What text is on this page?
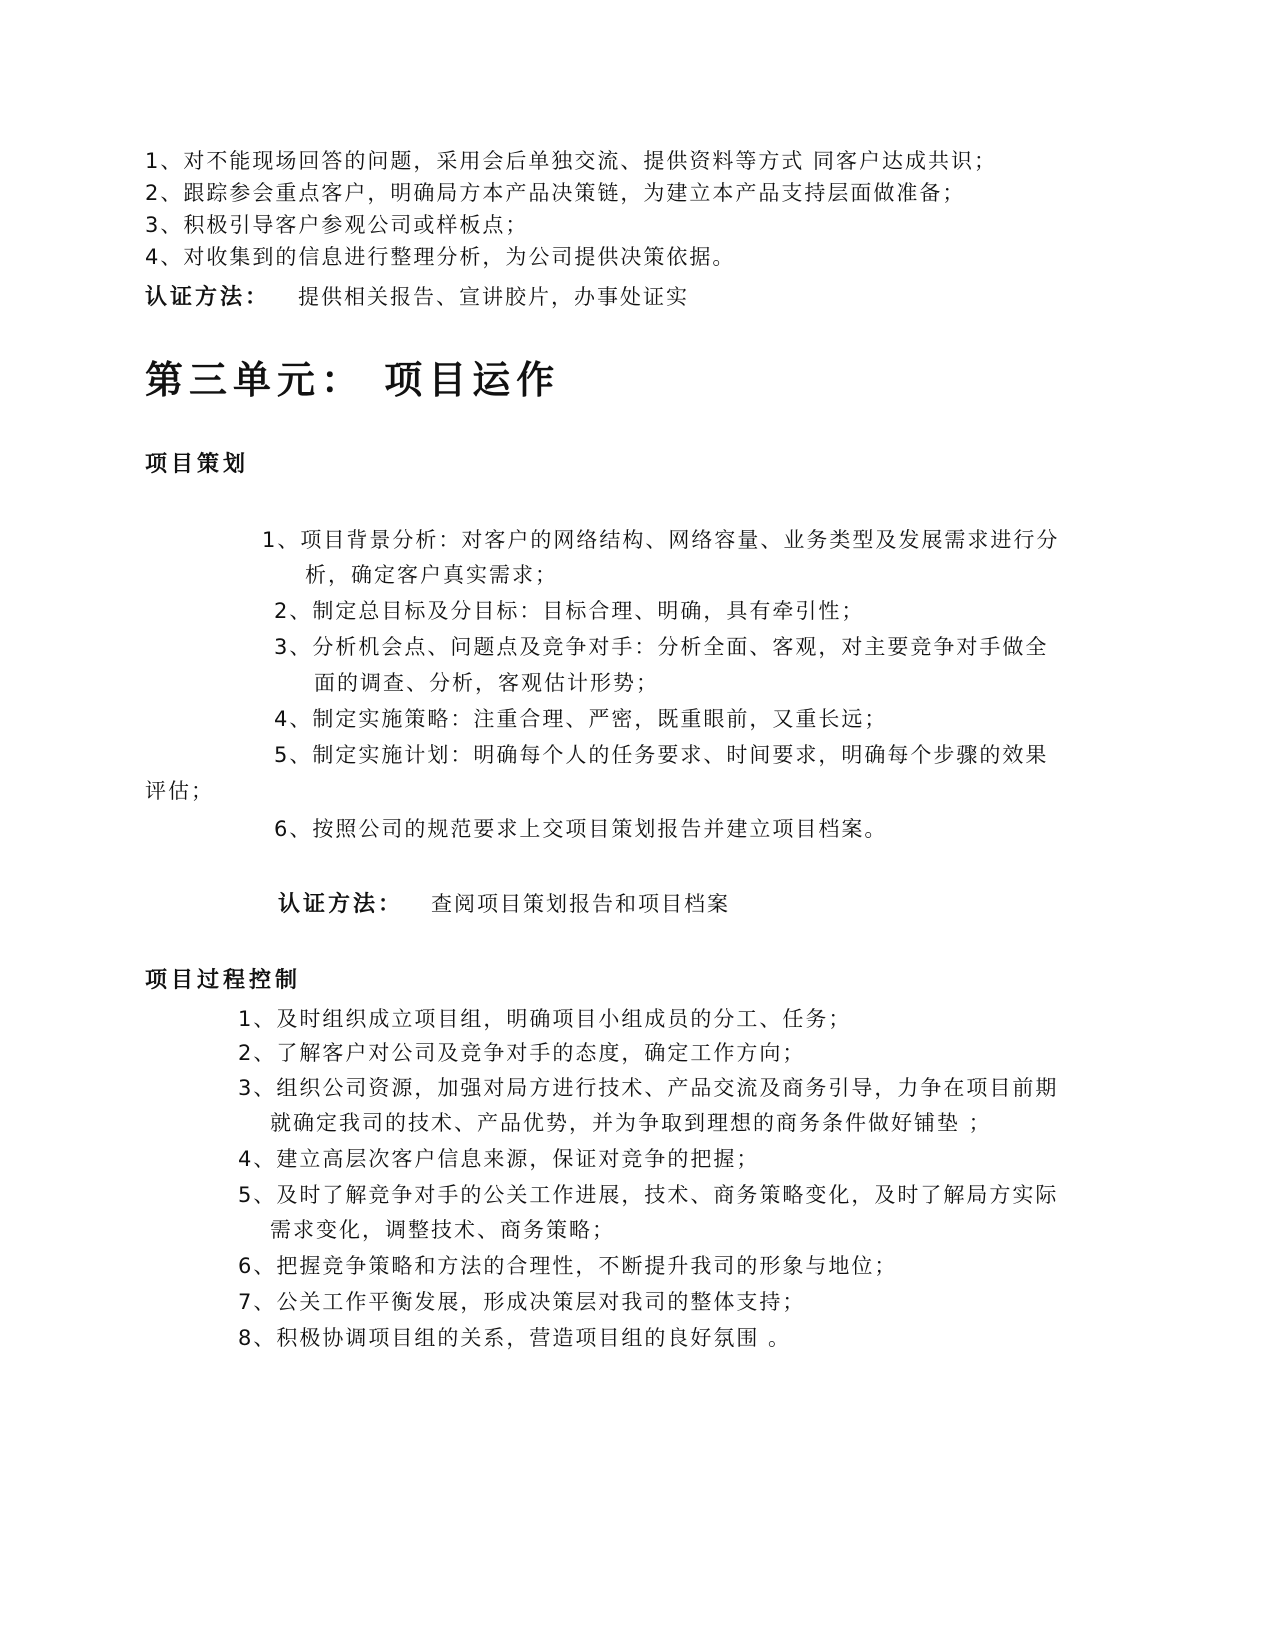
1、对不能现场回答的问题，采用会后单独交流、提供资料等方式 同客户达成共识；
2、跟踪参会重点客户，明确局方本产品决策链，为建立本产品支持层面做准备；
3、积极引导客户参观公司或样板点；
4、对收集到的信息进行整理分析，为公司提供决策依据。
认证方法： 提供相关报告、宣讲胶片，办事处证实
第三单元： 项目运作
项目策划
1、项目背景分析：对客户的网络结构、网络容量、业务类型及发展需求进行分
析，确定客户真实需求；
2、制定总目标及分目标：目标合理、明确，具有牵引性；
3、分析机会点、问题点及竞争对手：分析全面、客观，对主要竞争对手做全
面的调查、分析，客观估计形势；
4、制定实施策略：注重合理、严密，既重眼前，又重长远；
5、制定实施计划：明确每个人的任务要求、时间要求，明确每个步骤的效果
评估；
6、按照公司的规范要求上交项目策划报告并建立项目档案。
认证方法： 查阅项目策划报告和项目档案
项目过程控制
1、及时组织成立项目组，明确项目小组成员的分工、任务；
2、了解客户对公司及竞争对手的态度，确定工作方向；
3、组织公司资源，加强对局方进行技术、产品交流及商务引导，力争在项目前期
就确定我司的技术、产品优势，并为争取到理想的商务条件做好铺垫 ；
4、建立高层次客户信息来源，保证对竞争的把握；
5、及时了解竞争对手的公关工作进展，技术、商务策略变化，及时了解局方实际
需求变化，调整技术、商务策略；
6、把握竞争策略和方法的合理性，不断提升我司的形象与地位；
7、公关工作平衡发展，形成决策层对我司的整体支持；
8、积极协调项目组的关系，营造项目组的良好氛围 。
